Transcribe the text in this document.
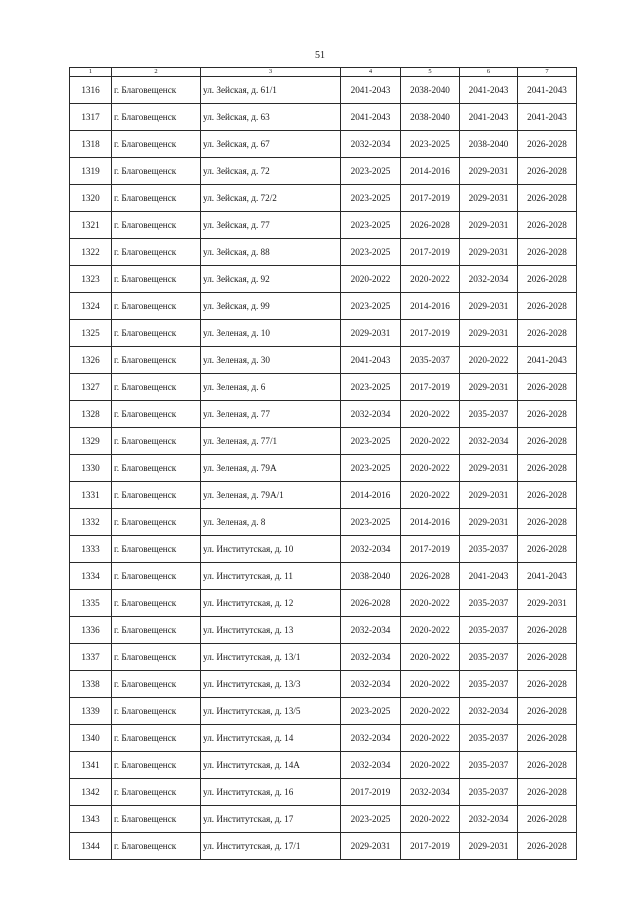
51
1	2	3	4	5	6	7
1316	г. Благовещенск	ул. Зейская, д. 61/1	2041-2043	2038-2040	2041-2043	2041-2043
1317	г. Благовещенск	ул. Зейская, д. 63	2041-2043	2038-2040	2041-2043	2041-2043
1318	г. Благовещенск	ул. Зейская, д. 67	2032-2034	2023-2025	2038-2040	2026-2028
1319	г. Благовещенск	ул. Зейская, д. 72	2023-2025	2014-2016	2029-2031	2026-2028
1320	г. Благовещенск	ул. Зейская, д. 72/2	2023-2025	2017-2019	2029-2031	2026-2028
1321	г. Благовещенск	ул. Зейская, д. 77	2023-2025	2026-2028	2029-2031	2026-2028
1322	г. Благовещенск	ул. Зейская, д. 88	2023-2025	2017-2019	2029-2031	2026-2028
1323	г. Благовещенск	ул. Зейская, д. 92	2020-2022	2020-2022	2032-2034	2026-2028
1324	г. Благовещенск	ул. Зейская, д. 99	2023-2025	2014-2016	2029-2031	2026-2028
1325	г. Благовещенск	ул. Зеленая, д. 10	2029-2031	2017-2019	2029-2031	2026-2028
1326	г. Благовещенск	ул. Зеленая, д. 30	2041-2043	2035-2037	2020-2022	2041-2043
1327	г. Благовещенск	ул. Зеленая, д. 6	2023-2025	2017-2019	2029-2031	2026-2028
1328	г. Благовещенск	ул. Зеленая, д. 77	2032-2034	2020-2022	2035-2037	2026-2028
1329	г. Благовещенск	ул. Зеленая, д. 77/1	2023-2025	2020-2022	2032-2034	2026-2028
1330	г. Благовещенск	ул. Зеленая, д. 79А	2023-2025	2020-2022	2029-2031	2026-2028
1331	г. Благовещенск	ул. Зеленая, д. 79А/1	2014-2016	2020-2022	2029-2031	2026-2028
1332	г. Благовещенск	ул. Зеленая, д. 8	2023-2025	2014-2016	2029-2031	2026-2028
1333	г. Благовещенск	ул. Институтская, д. 10	2032-2034	2017-2019	2035-2037	2026-2028
1334	г. Благовещенск	ул. Институтская, д. 11	2038-2040	2026-2028	2041-2043	2041-2043
1335	г. Благовещенск	ул. Институтская, д. 12	2026-2028	2020-2022	2035-2037	2029-2031
1336	г. Благовещенск	ул. Институтская, д. 13	2032-2034	2020-2022	2035-2037	2026-2028
1337	г. Благовещенск	ул. Институтская, д. 13/1	2032-2034	2020-2022	2035-2037	2026-2028
1338	г. Благовещенск	ул. Институтская, д. 13/3	2032-2034	2020-2022	2035-2037	2026-2028
1339	г. Благовещенск	ул. Институтская, д. 13/5	2023-2025	2020-2022	2032-2034	2026-2028
1340	г. Благовещенск	ул. Институтская, д. 14	2032-2034	2020-2022	2035-2037	2026-2028
1341	г. Благовещенск	ул. Институтская, д. 14А	2032-2034	2020-2022	2035-2037	2026-2028
1342	г. Благовещенск	ул. Институтская, д. 16	2017-2019	2032-2034	2035-2037	2026-2028
1343	г. Благовещенск	ул. Институтская, д. 17	2023-2025	2020-2022	2032-2034	2026-2028
1344	г. Благовещенск	ул. Институтская, д. 17/1	2029-2031	2017-2019	2029-2031	2026-2028
